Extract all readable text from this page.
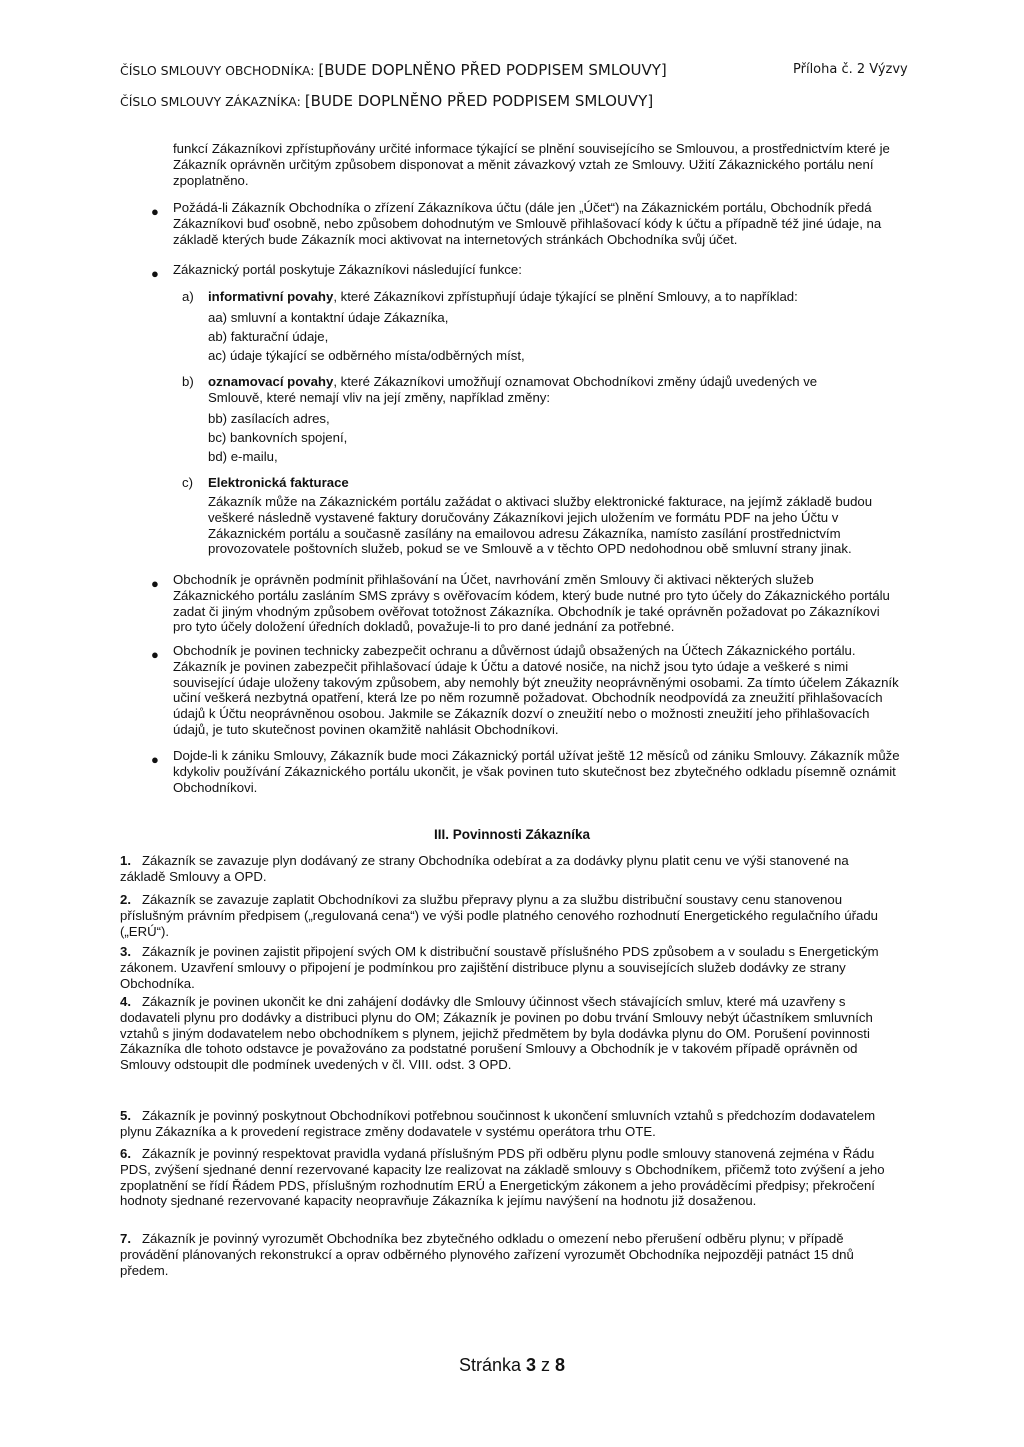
ČÍSLO SMLOUVY OBCHODNÍKA: [BUDE DOPLNĚNO PŘED PODPISEM SMLOUVY]	Příloha č. 2 Výzvy
ČÍSLO SMLOUVY ZÁKAZNÍKA: [BUDE DOPLNĚNO PŘED PODPISEM SMLOUVY]
funkcí Zákazníkovi zpřístupňovány určité informace týkající se plnění souvisejícího se Smlouvou, a prostřednictvím které je Zákazník oprávněn určitým způsobem disponovat a měnit závazkový vztah ze Smlouvy. Užití Zákaznického portálu není zpoplatněno.
● Požádá-li Zákazník Obchodníka o zřízení Zákazníkova účtu (dále jen „Účet“) na Zákaznickém portálu, Obchodník předá Zákazníkovi buď osobně, nebo způsobem dohodnutým ve Smlouvě přihlašovací kódy k účtu a případně též jiné údaje, na základě kterých bude Zákazník moci aktivovat na internetových stránkách Obchodníka svůj účet.
● Zákaznický portál poskytuje Zákazníkovi následující funkce:
a) informativní povahy, které Zákazníkovi zpřístupňují údaje týkající se plnění Smlouvy, a to například:
aa) smluvní a kontaktní údaje Zákazníka,
ab) fakturační údaje,
ac) údaje týkající se odběrného místa/odběrných míst,
b) oznamovací povahy, které Zákazníkovi umožňují oznamovat Obchodníkovi změny údajů uvedených ve Smlouvě, které nemají vliv na její změny, například změny:
bb) zasílacích adres,
bc) bankovních spojení,
bd) e-mailu,
c) Elektronická fakturace
Zákazník může na Zákaznickém portálu zažádat o aktivaci služby elektronické fakturace, na jejímž základě budou veškeré následně vystavené faktury doručovány Zákazníkovi jejich uložením ve formátu PDF na jeho Účtu v Zákaznickém portálu a současně zasílány na emailovou adresu Zákazníka, namísto zasílání prostřednictvím provozovatele poštovních služeb, pokud se ve Smlouvě a v těchto OPD nedohodnou obě smluvní strany jinak.
● Obchodník je oprávněn podmínit přihlašování na Účet, navrhování změn Smlouvy či aktivaci některých služeb Zákaznického portálu zasláním SMS zprávy s ověřovacím kódem, který bude nutné pro tyto účely do Zákaznického portálu zadat či jiným vhodným způsobem ověřovat totožnost Zákazníka. Obchodník je také oprávněn požadovat po Zákazníkovi pro tyto účely doložení úředních dokladů, považuje-li to pro dané jednání za potřebné.
● Obchodník je povinen technicky zabezpečit ochranu a důvěrnost údajů obsažených na Účtech Zákaznického portálu. Zákazník je povinen zabezpečit přihlašovací údaje k Účtu a datové nosiče, na nichž jsou tyto údaje a veškeré s nimi související údaje uloženy takovým způsobem, aby nemohly být zneužity neoprávněnými osobami. Za tímto účelem Zákazník učiní veškerá nezbytná opatření, která lze po něm rozumně požadovat. Obchodník neodpovídá za zneužití přihlašovacích údajů k Účtu neoprávněnou osobou. Jakmile se Zákazník dozví o zneužití nebo o možnosti zneužití jeho přihlašovacích údajů, je tuto skutečnost povinen okamžitě nahlásit Obchodníkovi.
● Dojde-li k zániku Smlouvy, Zákazník bude moci Zákaznický portál užívat ještě 12 měsíců od zániku Smlouvy. Zákazník může kdykoliv používání Zákaznického portálu ukončit, je však povinen tuto skutečnost bez zbytečného odkladu písemně oznámit Obchodníkovi.
III. Povinnosti Zákazníka
1. Zákazník se zavazuje plyn dodávaný ze strany Obchodníka odebírat a za dodávky plynu platit cenu ve výši stanovené na základě Smlouvy a OPD.
2. Zákazník se zavazuje zaplatit Obchodníkovi za službu přepravy plynu a za službu distribuční soustavy cenu stanovenou příslušným právním předpisem („regulovaná cena“) ve výši podle platného cenového rozhodnutí Energetického regulačního úřadu („ERÚ“).
3. Zákazník je povinen zajistit připojení svých OM k distribuční soustavě příslušného PDS způsobem a v souladu s Energetickým zákonem. Uzavření smlouvy o připojení je podmínkou pro zajištění distribuce plynu a souvisejících služeb dodávky ze strany Obchodníka.
4. Zákazník je povinen ukončit ke dni zahájení dodávky dle Smlouvy účinnost všech stávajících smluv, které má uzavřeny s dodavateli plynu pro dodávky a distribuci plynu do OM; Zákazník je povinen po dobu trvání Smlouvy nebýt účastníkem smluvních vztahů s jiným dodavatelem nebo obchodníkem s plynem, jejichž předmětem by byla dodávka plynu do OM. Porušení povinnosti Zákazníka dle tohoto odstavce je považováno za podstatné porušení Smlouvy a Obchodník je v takovém případě oprávněn od Smlouvy odstoupit dle podmínek uvedených v čl. VIII. odst. 3 OPD.
5. Zákazník je povinný poskytnout Obchodníkovi potřebnou součinnost k ukončení smluvních vztahů s předchozím dodavatelem plynu Zákazníka a k provedení registrace změny dodavatele v systému operátora trhu OTE.
6. Zákazník je povinný respektovat pravidla vydaná příslušným PDS při odběru plynu podle smlouvy stanovená zejména v Řádu PDS, zvýšení sjednané denní rezervované kapacity lze realizovat na základě smlouvy s Obchodníkem, přičemž toto zvýšení a jeho zpoplatnění se řídí Řádem PDS, příslušným rozhodnutím ERÚ a Energetickým zákonem a jeho prováděcími předpisy; překročení hodnoty sjednané rezervované kapacity neopravňuje Zákazníka k jejímu navýšení na hodnotu již dosaženou.
7. Zákazník je povinný vyrozumět Obchodníka bez zbytečného odkladu o omezení nebo přerušení odběru plynu; v případě provádění plánovaných rekonstrukcí a oprav odběrného plynového zařízení vyrozumět Obchodníka nejpozději patnáct 15 dnů předem.
Stránka 3 z 8
